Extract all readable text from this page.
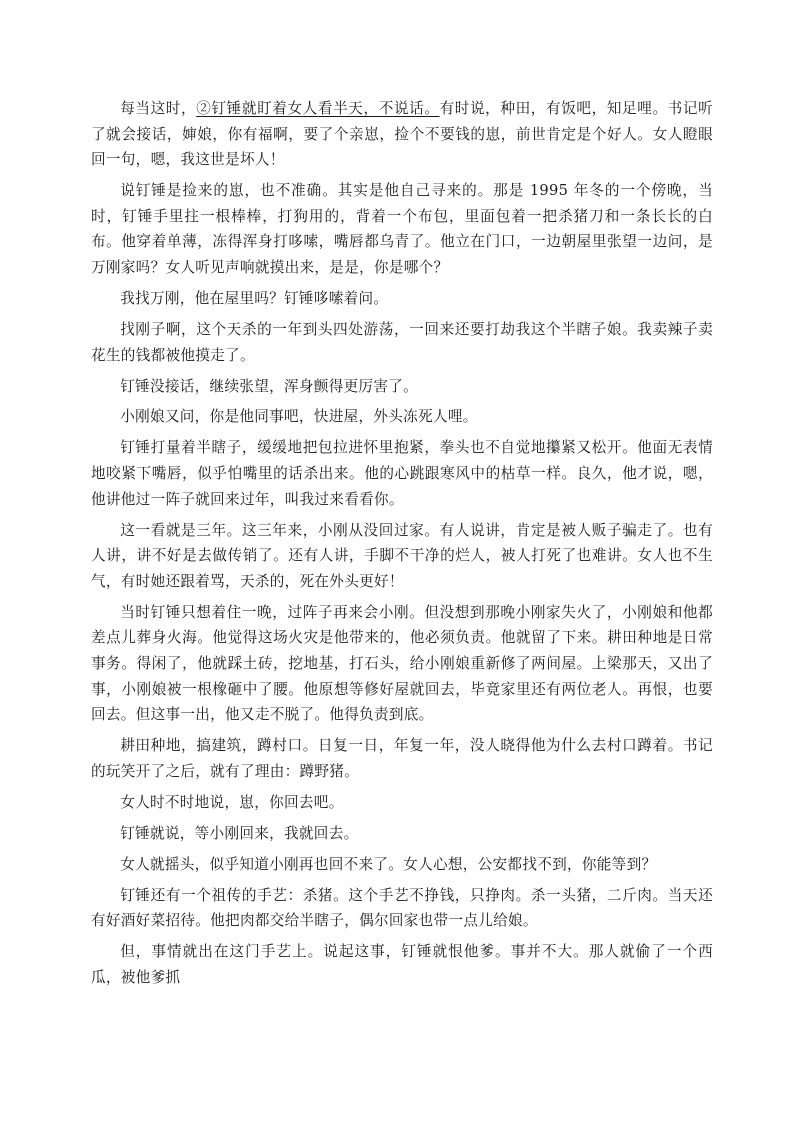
每当这时，②钉锤就盯着女人看半天，不说话。有时说，种田，有饭吧，知足哩。书记听了就会接话，婶娘，你有福啊，要了个亲崽，捡个不要钱的崽，前世肯定是个好人。女人瞪眼回一句，嗯，我这世是坏人！

说钉锤是捡来的崽，也不准确。其实是他自己寻来的。那是 1995 年冬的一个傍晚，当时，钉锤手里拄一根棒棒，打狗用的，背着一个布包，里面包着一把杀猪刀和一条长长的白布。他穿着单薄，冻得浑身打哆嗦，嘴唇都乌青了。他立在门口，一边朝屋里张望一边问，是万刚家吗？女人听见声响就摸出来，是是，你是哪个？

我找万刚，他在屋里吗？钉锤哆嗦着问。

找刚子啊，这个天杀的一年到头四处游荡，一回来还要打劫我这个半瞎子娘。我卖辣子卖花生的钱都被他摸走了。

钉锤没接话，继续张望，浑身颤得更厉害了。

小刚娘又问，你是他同事吧，快进屋，外头冻死人哩。

钉锤打量着半瞎子，缓缓地把包拉进怀里抱紧，拳头也不自觉地攥紧又松开。他面无表情地咬紧下嘴唇，似乎怕嘴里的话杀出来。他的心跳跟寒风中的枯草一样。良久，他才说，嗯，他讲他过一阵子就回来过年，叫我过来看看你。

这一看就是三年。这三年来，小刚从没回过家。有人说讲，肯定是被人贩子骗走了。也有人讲，讲不好是去做传销了。还有人讲，手脚不干净的烂人，被人打死了也难讲。女人也不生气，有时她还跟着骂，天杀的，死在外头更好！

当时钉锤只想着住一晚，过阵子再来会小刚。但没想到那晚小刚家失火了，小刚娘和他都差点儿葬身火海。他觉得这场火灾是他带来的，他必须负责。他就留了下来。耕田种地是日常事务。得闲了，他就踩土砖，挖地基，打石头，给小刚娘重新修了两间屋。上梁那天，又出了事，小刚娘被一根橡砸中了腰。他原想等修好屋就回去，毕竟家里还有两位老人。再恨，也要回去。但这事一出，他又走不脱了。他得负责到底。

耕田种地，搞建筑，蹲村口。日复一日，年复一年，没人晓得他为什么去村口蹲着。书记的玩笑开了之后，就有了理由：蹲野猪。

女人时不时地说，崽，你回去吧。

钉锤就说，等小刚回来，我就回去。

女人就摇头，似乎知道小刚再也回不来了。女人心想，公安都找不到，你能等到？

钉锤还有一个祖传的手艺：杀猪。这个手艺不挣钱，只挣肉。杀一头猪，二斤肉。当天还有好酒好菜招待。他把肉都交给半瞎子，偶尔回家也带一点儿给娘。

但，事情就出在这门手艺上。说起这事，钉锤就恨他爹。事并不大。那人就偷了一个西瓜，被他爹抓
